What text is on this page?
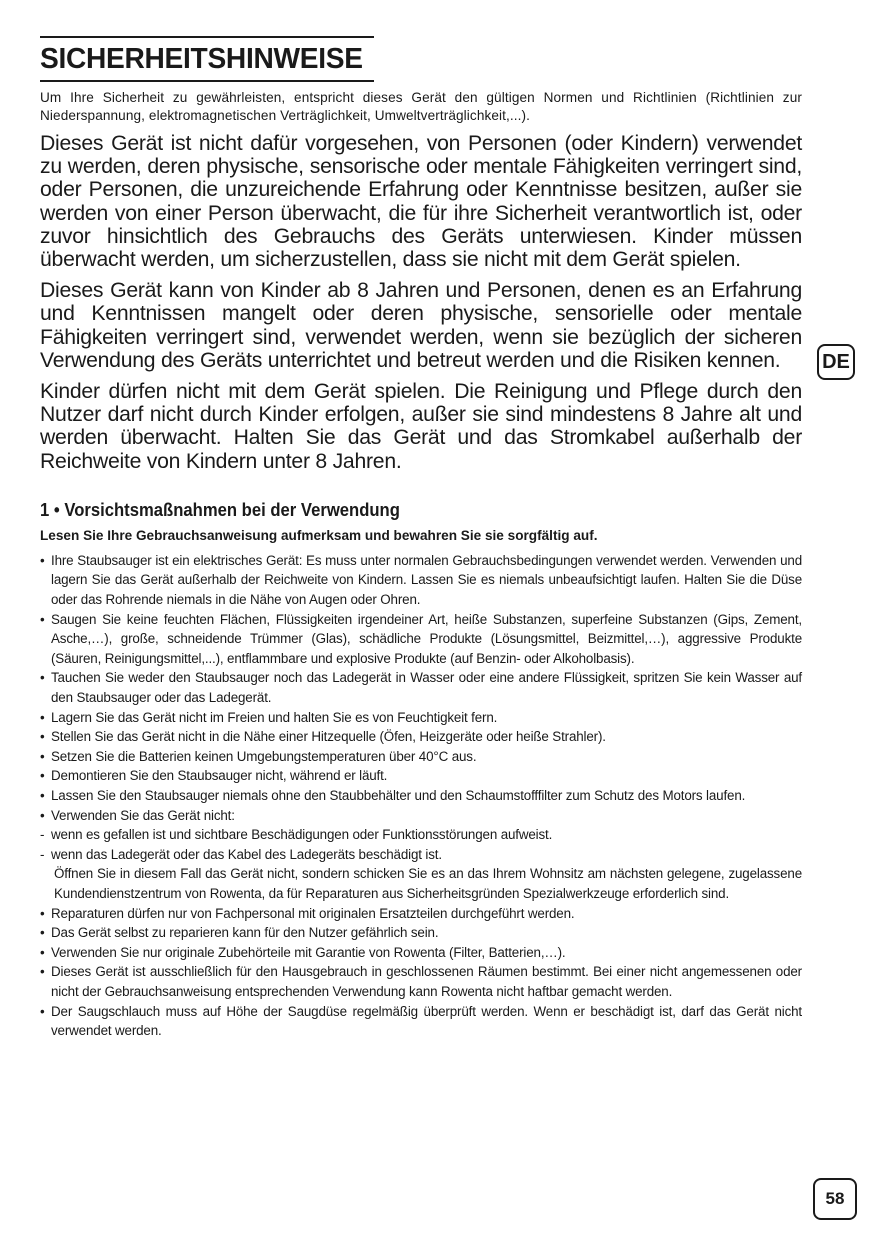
SICHERHEITSHINWEISE

Um Ihre Sicherheit zu gewährleisten, entspricht dieses Gerät den gültigen Normen und Richtlinien (Richtlinien zur Niederspannung, elektromagnetischen Verträglichkeit, Umweltverträglichkeit,...).

Dieses Gerät ist nicht dafür vorgesehen, von Personen (oder Kindern) verwendet zu werden, deren physische, sensorische oder mentale Fähigkeiten verringert sind, oder Personen, die unzureichende Erfahrung oder Kenntnisse besitzen, außer sie werden von einer Person überwacht, die für ihre Sicherheit verantwortlich ist, oder zuvor hinsichtlich des Gebrauchs des Geräts unterwiesen. Kinder müssen überwacht werden, um sicherzustellen, dass sie nicht mit dem Gerät spielen.

Dieses Gerät kann von Kinder ab 8 Jahren und Personen, denen es an Erfahrung und Kenntnissen mangelt oder deren physische, sensorielle oder mentale Fähigkeiten verringert sind, verwendet werden, wenn sie bezüglich der sicheren Verwendung des Geräts unterrichtet und betreut werden und die Risiken kennen.

Kinder dürfen nicht mit dem Gerät spielen. Die Reinigung und Pflege durch den Nutzer darf nicht durch Kinder erfolgen, außer sie sind mindestens 8 Jahre alt und werden überwacht. Halten Sie das Gerät und das Stromkabel außerhalb der Reichweite von Kindern unter 8 Jahren.

1 • Vorsichtsmaßnahmen bei der Verwendung
Lesen Sie Ihre Gebrauchsanweisung aufmerksam und bewahren Sie sie sorgfältig auf.
• Ihre Staubsauger ist ein elektrisches Gerät: Es muss unter normalen Gebrauchsbedingungen verwendet werden. Verwenden und lagern Sie das Gerät außerhalb der Reichweite von Kindern. Lassen Sie es niemals unbeaufsichtigt laufen. Halten Sie die Düse oder das Rohrende niemals in die Nähe von Augen oder Ohren.
• Saugen Sie keine feuchten Flächen, Flüssigkeiten irgendeiner Art, heiße Substanzen, superfeine Substanzen (Gips, Zement, Asche,…), große, schneidende Trümmer (Glas), schädliche Produkte (Lösungsmittel, Beizmittel,…), aggressive Produkte (Säuren, Reinigungsmittel,...), entflammbare und explosive Produkte (auf Benzin- oder Alkoholbasis).
• Tauchen Sie weder den Staubsauger noch das Ladegerät in Wasser oder eine andere Flüssigkeit, spritzen Sie kein Wasser auf den Staubsauger oder das Ladegerät.
• Lagern Sie das Gerät nicht im Freien und halten Sie es von Feuchtigkeit fern.
• Stellen Sie das Gerät nicht in die Nähe einer Hitzequelle (Öfen, Heizgeräte oder heiße Strahler).
• Setzen Sie die Batterien keinen Umgebungstemperaturen über 40°C aus.
• Demontieren Sie den Staubsauger nicht, während er läuft.
• Lassen Sie den Staubsauger niemals ohne den Staubbehälter und den Schaumstofffilter zum Schutz des Motors laufen.
• Verwenden Sie das Gerät nicht:
- wenn es gefallen ist und sichtbare Beschädigungen oder Funktionsstörungen aufweist.
- wenn das Ladegerät oder das Kabel des Ladegeräts beschädigt ist.
Öffnen Sie in diesem Fall das Gerät nicht, sondern schicken Sie es an das Ihrem Wohnsitz am nächsten gelegene, zugelassene Kundendienstzentrum von Rowenta, da für Reparaturen aus Sicherheitsgründen Spezialwerkzeuge erforderlich sind.
• Reparaturen dürfen nur von Fachpersonal mit originalen Ersatzteilen durchgeführt werden.
• Das Gerät selbst zu reparieren kann für den Nutzer gefährlich sein.
• Verwenden Sie nur originale Zubehörteile mit Garantie von Rowenta (Filter, Batterien,…).
• Dieses Gerät ist ausschließlich für den Hausgebrauch in geschlossenen Räumen bestimmt. Bei einer nicht angemessenen oder nicht der Gebrauchsanweisung entsprechenden Verwendung kann Rowenta nicht haftbar gemacht werden.
• Der Saugschlauch muss auf Höhe der Saugdüse regelmäßig überprüft werden. Wenn er beschädigt ist, darf das Gerät nicht verwendet werden.
DE
58
